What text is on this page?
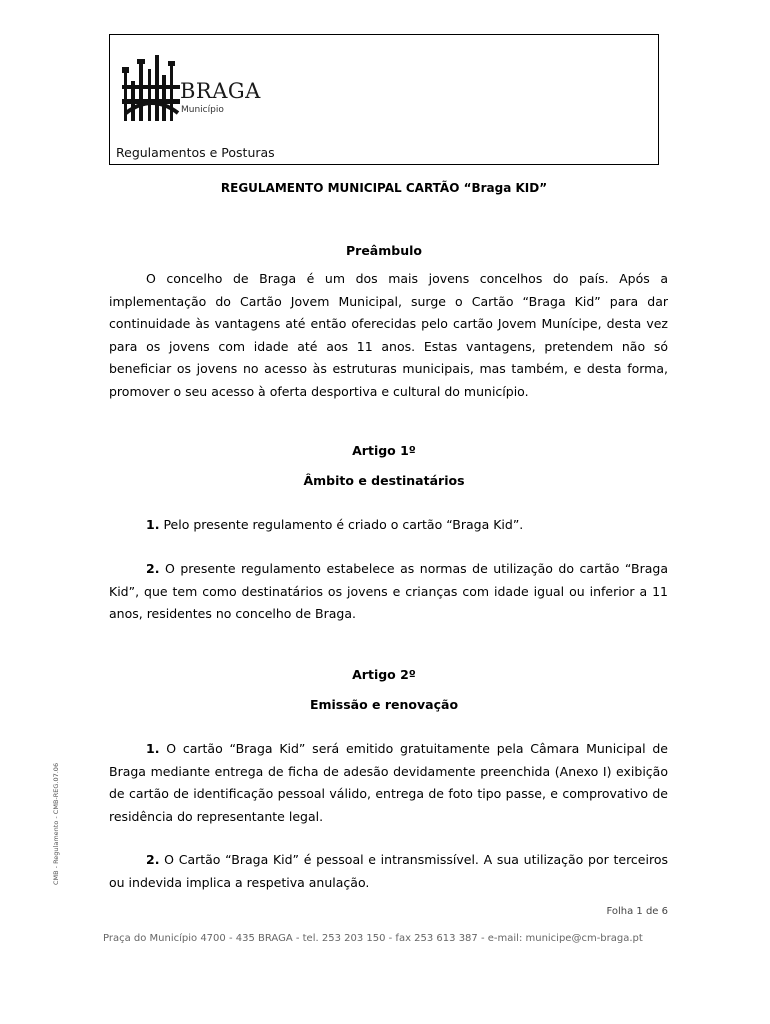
BRAGA
Município
Regulamentos e Posturas
REGULAMENTO MUNICIPAL CARTÃO “Braga KID”
Preâmbulo

O concelho de Braga é um dos mais jovens concelhos do país. Após a implementação do Cartão Jovem Municipal, surge o Cartão “Braga Kid” para dar continuidade às vantagens até então oferecidas pelo cartão Jovem Munícipe, desta vez para os jovens com idade até aos 11 anos. Estas vantagens, pretendem não só beneficiar os jovens no acesso às estruturas municipais, mas também, e desta forma, promover o seu acesso à oferta desportiva e cultural do município.

Artigo 1º
Âmbito e destinatários

1. Pelo presente regulamento é criado o cartão “Braga Kid”.

2. O presente regulamento estabelece as normas de utilização do cartão “Braga Kid”, que tem como destinatários os jovens e crianças com idade igual ou inferior a 11 anos, residentes no concelho de Braga.

Artigo 2º
Emissão e renovação

1. O cartão “Braga Kid” será emitido gratuitamente pela Câmara Municipal de Braga mediante entrega de ficha de adesão devidamente preenchida (Anexo I) exibição de cartão de identificação pessoal válido, entrega de foto tipo passe, e comprovativo de residência do representante legal.

2. O Cartão “Braga Kid” é pessoal e intransmissível. A sua utilização por terceiros ou indevida implica a respetiva anulação.

CMB - Regulamento - CMB-REG.07.06
Folha 1 de 6
Praça do Município 4700 - 435 BRAGA - tel. 253 203 150 - fax 253 613 387 - e-mail: municipe@cm-braga.pt
